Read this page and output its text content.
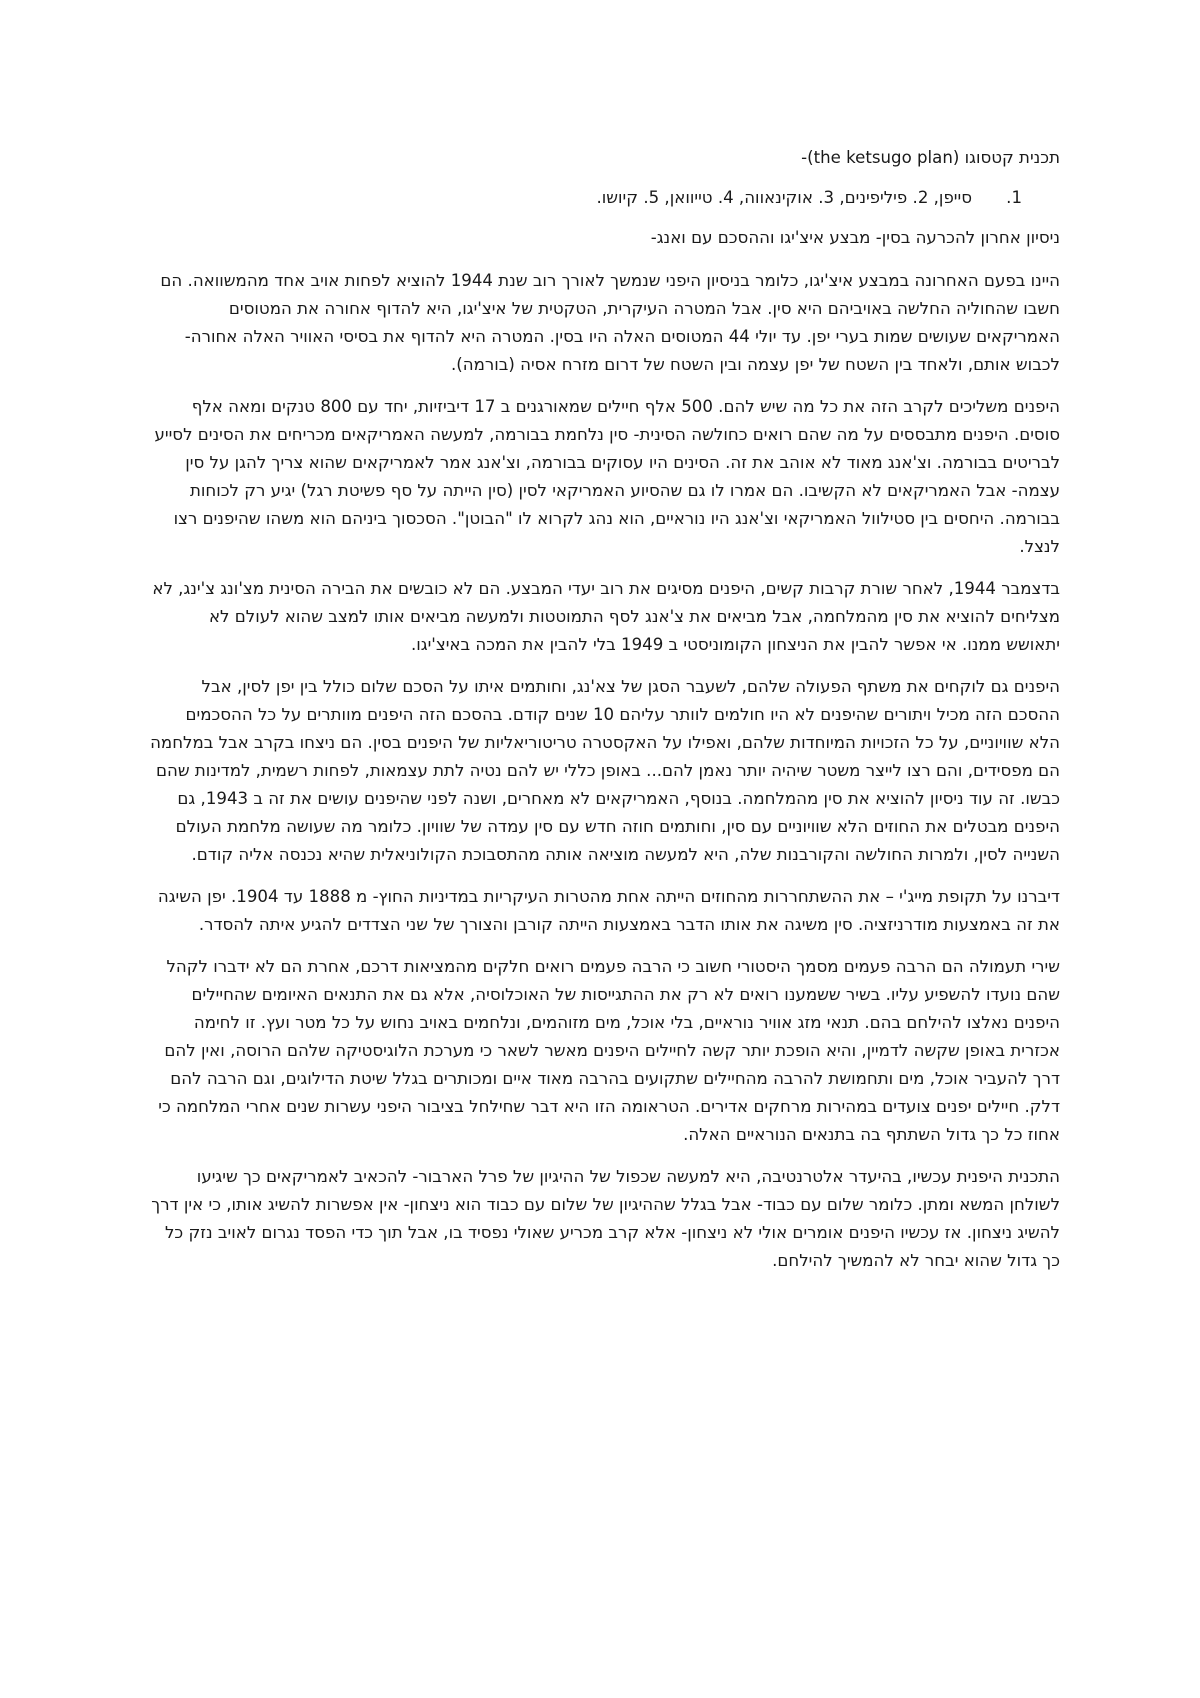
תכנית קטסוגו (the ketsugo plan)-

1.סייפן, 2. פיליפינים, 3. אוקינאווה, 4. טייוואן, 5. קיושו.

ניסיון אחרון להכרעה בסין- מבצע איצ'יגו וההסכם עם ואנג-

היינו בפעם האחרונה במבצע איצ'יגו, כלומר בניסיון היפני שנמשך לאורך רוב שנת 1944 להוציא לפחות אויב אחד מהמשוואה. הם חשבו שהחוליה החלשה באויביהם היא סין. אבל המטרה העיקרית, הטקטית של איצ'יגו, היא להדוף אחורה את המטוסים האמריקאים שעושים שמות בערי יפן. עד יולי 44 המטוסים האלה היו בסין. המטרה היא להדוף את בסיסי האוויר האלה אחורה- לכבוש אותם, ולאחד בין השטח של יפן עצמה ובין השטח של דרום מזרח אסיה (בורמה).

היפנים משליכים לקרב הזה את כל מה שיש להם. 500 אלף חיילים שמאורגנים ב 17 דיביזיות, יחד עם 800 טנקים ומאה אלף סוסים. היפנים מתבססים על מה שהם רואים כחולשה הסינית- סין נלחמת בבורמה, למעשה האמריקאים מכריחים את הסינים לסייע לבריטים בבורמה. וצ'אנג מאוד לא אוהב את זה. הסינים היו עסוקים בבורמה, וצ'אנג אמר לאמריקאים שהוא צריך להגן על סין עצמה- אבל האמריקאים לא הקשיבו. הם אמרו לו גם שהסיוע האמריקאי לסין (סין הייתה על סף פשיטת רגל) יגיע רק לכוחות בבורמה. היחסים בין סטילוול האמריקאי וצ'אנג היו נוראיים, הוא נהג לקרוא לו "הבוטן". הסכסוך ביניהם הוא משהו שהיפנים רצו לנצל.

בדצמבר 1944, לאחר שורת קרבות קשים, היפנים מסיגים את רוב יעדי המבצע. הם לא כובשים את הבירה הסינית מצ'ונג צ'ינג, לא מצליחים להוציא את סין מהמלחמה, אבל מביאים את צ'אנג לסף התמוטטות ולמעשה מביאים אותו למצב שהוא לעולם לא יתאושש ממנו. אי אפשר להבין את הניצחון הקומוניסטי ב 1949 בלי להבין את המכה באיצ'יגו.

היפנים גם לוקחים את משתף הפעולה שלהם, לשעבר הסגן של צא'נג, וחותמים איתו על הסכם שלום כולל בין יפן לסין, אבל ההסכם הזה מכיל ויתורים שהיפנים לא היו חולמים לוותר עליהם 10 שנים קודם. בהסכם הזה היפנים מוותרים על כל ההסכמים הלא שוויוניים, על כל הזכויות המיוחדות שלהם, ואפילו על האקסטרה טריטוריאליות של היפנים בסין. הם ניצחו בקרב אבל במלחמה הם מפסידים, והם רצו לייצר משטר שיהיה יותר נאמן להם... באופן כללי יש להם נטיה לתת עצמאות, לפחות רשמית, למדינות שהם כבשו. זה עוד ניסיון להוציא את סין מהמלחמה. בנוסף, האמריקאים לא מאחרים, ושנה לפני שהיפנים עושים את זה ב 1943, גם היפנים מבטלים את החוזים הלא שוויוניים עם סין, וחותמים חוזה חדש עם סין עמדה של שוויון. כלומר מה שעושה מלחמת העולם השנייה לסין, ולמרות החולשה והקורבנות שלה, היא למעשה מוציאה אותה מהתסבוכת הקולוניאלית שהיא נכנסה אליה קודם.

דיברנו על תקופת מייג'י – את ההשתחררות מהחוזים הייתה אחת מהטרות העיקריות במדיניות החוץ- מ 1888 עד 1904. יפן השיגה את זה באמצעות מודרניזציה. סין משיגה את אותו הדבר באמצעות הייתה קורבן והצורך של שני הצדדים להגיע איתה להסדר.

שירי תעמולה הם הרבה פעמים מסמך היסטורי חשוב כי הרבה פעמים רואים חלקים מהמציאות דרכם, אחרת הם לא ידברו לקהל שהם נועדו להשפיע עליו. בשיר ששמענו רואים לא רק את ההתגייסות של האוכלוסיה, אלא גם את התנאים האיומים שהחיילים היפנים נאלצו להילחם בהם. תנאי מזג אוויר נוראיים, בלי אוכל, מים מזוהמים, ונלחמים באויב נחוש על כל מטר ועץ. זו לחימה אכזרית באופן שקשה לדמיין, והיא הופכת יותר קשה לחיילים היפנים מאשר לשאר כי מערכת הלוגיסטיקה שלהם הרוסה, ואין להם דרך להעביר אוכל, מים ותחמושת להרבה מהחיילים שתקועים בהרבה מאוד איים ומכותרים בגלל שיטת הדילוגים, וגם הרבה להם דלק. חיילים יפנים צועדים במהירות מרחקים אדירים. הטראומה הזו היא דבר שחילחל בציבור היפני עשרות שנים אחרי המלחמה כי אחוז כל כך גדול השתתף בה בתנאים הנוראיים האלה.

התכנית היפנית עכשיו, בהיעדר אלטרנטיבה, היא למעשה שכפול של ההיגיון של פרל הארבור- להכאיב לאמריקאים כך שיגיעו לשולחן המשא ומתן. כלומר שלום עם כבוד- אבל בגלל שההיגיון של שלום עם כבוד הוא ניצחון- אין אפשרות להשיג אותו, כי אין דרך להשיג ניצחון. אז עכשיו היפנים אומרים אולי לא ניצחון- אלא קרב מכריע שאולי נפסיד בו, אבל תוך כדי הפסד נגרום לאויב נזק כל כך גדול שהוא יבחר לא להמשיך להילחם.
